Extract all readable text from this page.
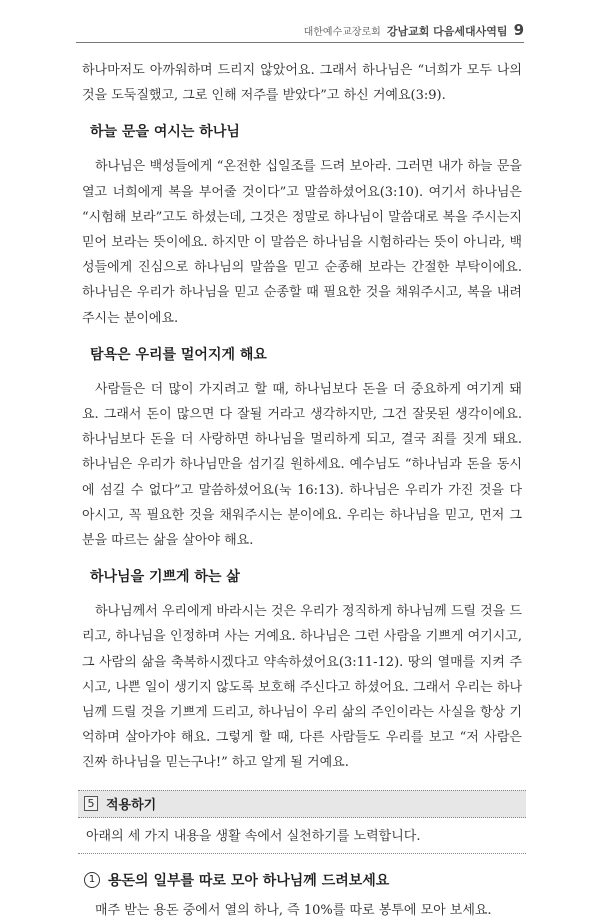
대한예수교장로회 강남교회 다음세대사역팀 9

하나마저도 아까워하며 드리지 않았어요. 그래서 하나님은 “너희가 모두 나의 것을 도둑질했고, 그로 인해 저주를 받았다”고 하신 거예요(3:9).

하늘 문을 여시는 하나님

하나님은 백성들에게 “온전한 십일조를 드려 보아라. 그러면 내가 하늘 문을 열고 너희에게 복을 부어줄 것이다”고 말씀하셨어요(3:10). 여기서 하나님은 “시험해 보라”고도 하셨는데, 그것은 정말로 하나님이 말씀대로 복을 주시는지 믿어 보라는 뜻이에요. 하지만 이 말씀은 하나님을 시험하라는 뜻이 아니라, 백성들에게 진심으로 하나님의 말씀을 믿고 순종해 보라는 간절한 부탁이에요. 하나님은 우리가 하나님을 믿고 순종할 때 필요한 것을 채워주시고, 복을 내려 주시는 분이에요.

탐욕은 우리를 멀어지게 해요

사람들은 더 많이 가지려고 할 때, 하나님보다 돈을 더 중요하게 여기게 돼요. 그래서 돈이 많으면 다 잘될 거라고 생각하지만, 그건 잘못된 생각이에요. 하나님보다 돈을 더 사랑하면 하나님을 멀리하게 되고, 결국 죄를 짓게 돼요. 하나님은 우리가 하나님만을 섬기길 원하세요. 예수님도 “하나님과 돈을 동시에 섬길 수 없다”고 말씀하셨어요(눅 16:13). 하나님은 우리가 가진 것을 다 아시고, 꼭 필요한 것을 채워주시는 분이에요. 우리는 하나님을 믿고, 먼저 그분을 따르는 삶을 살아야 해요.

하나님을 기쁘게 하는 삶

하나님께서 우리에게 바라시는 것은 우리가 정직하게 하나님께 드릴 것을 드리고, 하나님을 인정하며 사는 거예요. 하나님은 그런 사람을 기쁘게 여기시고, 그 사람의 삶을 축복하시겠다고 약속하셨어요(3:11-12). 땅의 열매를 지켜 주시고, 나쁜 일이 생기지 않도록 보호해 주신다고 하셨어요. 그래서 우리는 하나님께 드릴 것을 기쁘게 드리고, 하나님이 우리 삶의 주인이라는 사실을 항상 기억하며 살아가야 해요. 그렇게 할 때, 다른 사람들도 우리를 보고 “저 사람은 진짜 하나님을 믿는구나!” 하고 알게 될 거예요.

5 적용하기

아래의 세 가지 내용을 생활 속에서 실천하기를 노력합니다.

1 용돈의 일부를 따로 모아 하나님께 드려보세요

매주 받는 용돈 중에서 열의 하나, 즉 10%를 따로 봉투에 모아 보세요.
